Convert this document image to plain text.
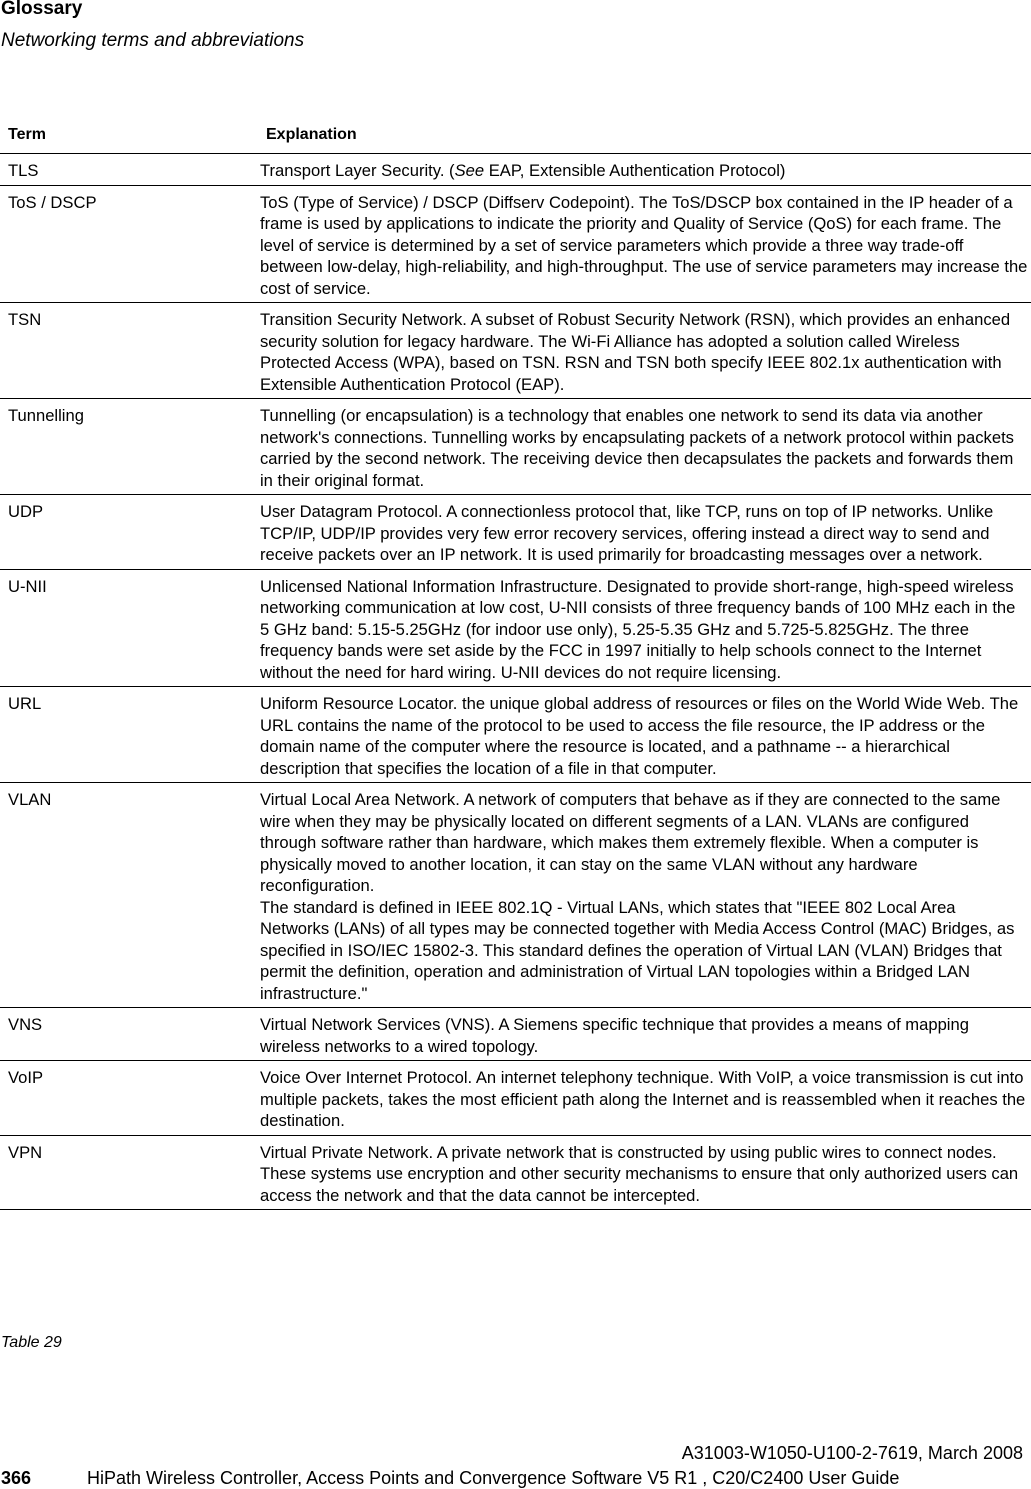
Glossary
Networking terms and abbreviations
Term	Explanation
TLS	Transport Layer Security. (See EAP, Extensible Authentication Protocol)
ToS / DSCP	ToS (Type of Service) / DSCP (Diffserv Codepoint). The ToS/DSCP box contained in the IP header of a frame is used by applications to indicate the priority and Quality of Service (QoS) for each frame. The level of service is determined by a set of service parameters which provide a three way trade-off between low-delay, high-reliability, and high-throughput. The use of service parameters may increase the cost of service.
TSN	Transition Security Network. A subset of Robust Security Network (RSN), which provides an enhanced security solution for legacy hardware. The Wi-Fi Alliance has adopted a solution called Wireless Protected Access (WPA), based on TSN. RSN and TSN both specify IEEE 802.1x authentication with Extensible Authentication Protocol (EAP).
Tunnelling	Tunnelling (or encapsulation) is a technology that enables one network to send its data via another network's connections. Tunnelling works by encapsulating packets of a network protocol within packets carried by the second network. The receiving device then decapsulates the packets and forwards them in their original format.
UDP	User Datagram Protocol. A connectionless protocol that, like TCP, runs on top of IP networks. Unlike TCP/IP, UDP/IP provides very few error recovery services, offering instead a direct way to send and receive packets over an IP network. It is used primarily for broadcasting messages over a network.
U-NII	Unlicensed National Information Infrastructure. Designated to provide short-range, high-speed wireless networking communication at low cost, U-NII consists of three frequency bands of 100 MHz each in the 5 GHz band: 5.15-5.25GHz (for indoor use only), 5.25-5.35 GHz and 5.725-5.825GHz. The three frequency bands were set aside by the FCC in 1997 initially to help schools connect to the Internet without the need for hard wiring. U-NII devices do not require licensing.
URL	Uniform Resource Locator. the unique global address of resources or files on the World Wide Web. The URL contains the name of the protocol to be used to access the file resource, the IP address or the domain name of the computer where the resource is located, and a pathname -- a hierarchical description that specifies the location of a file in that computer.
VLAN	Virtual Local Area Network. A network of computers that behave as if they are connected to the same wire when they may be physically located on different segments of a LAN. VLANs are configured through software rather than hardware, which makes them extremely flexible. When a computer is physically moved to another location, it can stay on the same VLAN without any hardware reconfiguration.
The standard is defined in IEEE 802.1Q - Virtual LANs, which states that "IEEE 802 Local Area Networks (LANs) of all types may be connected together with Media Access Control (MAC) Bridges, as specified in ISO/IEC 15802-3. This standard defines the operation of Virtual LAN (VLAN) Bridges that permit the definition, operation and administration of Virtual LAN topologies within a Bridged LAN infrastructure."

VNS	Virtual Network Services (VNS). A Siemens specific technique that provides a means of mapping wireless networks to a wired topology.
VoIP	Voice Over Internet Protocol. An internet telephony technique. With VoIP, a voice transmission is cut into multiple packets, takes the most efficient path along the Internet and is reassembled when it reaches the destination.
VPN	Virtual Private Network. A private network that is constructed by using public wires to connect nodes. These systems use encryption and other security mechanisms to ensure that only authorized users can access the network and that the data cannot be intercepted.
Table 29
A31003-W1050-U100-2-7619, March 2008
366	HiPath Wireless Controller, Access Points and Convergence Software V5 R1 , C20/C2400 User Guide
